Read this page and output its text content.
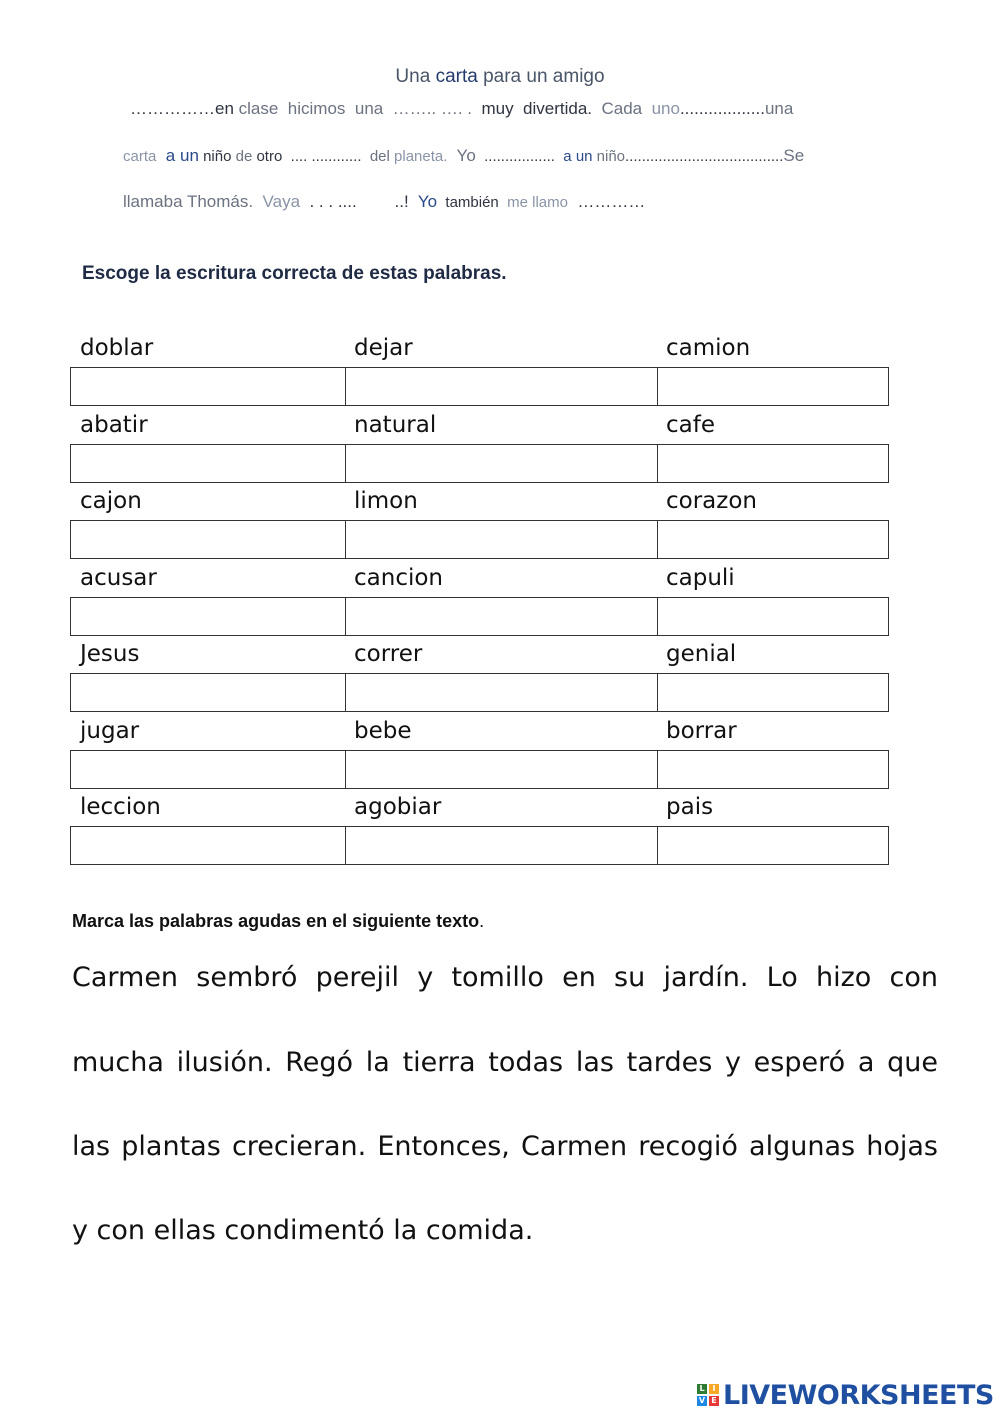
Una carta para un amigo
……………en clase  hicimos  una  …….. …. .  muy  divertida.  Cada  uno..................una
carta  a un niño de otro  .... ............  del planeta.  Yo  .................  a un niño......................................Se
llamaba Thomás.  Vaya  . . . ....        ..!  Yo  también  me llamo  …………
Escoge la escritura correcta de estas palabras.
doblar	dejar	camion
abatir	natural	cafe
cajon	limon	corazon
acusar	cancion	capuli
Jesus	correr	genial
jugar	bebe	borrar
leccion	agobiar	pais
Marca las palabras agudas en el siguiente texto.
Carmen sembró perejil y tomillo en su jardín. Lo hizo con
mucha ilusión. Regó la tierra todas las tardes y esperó a que
las plantas crecieran. Entonces, Carmen recogió algunas hojas
y con ellas condimentó la comida.
L I
V E LIVEWORKSHEETS
